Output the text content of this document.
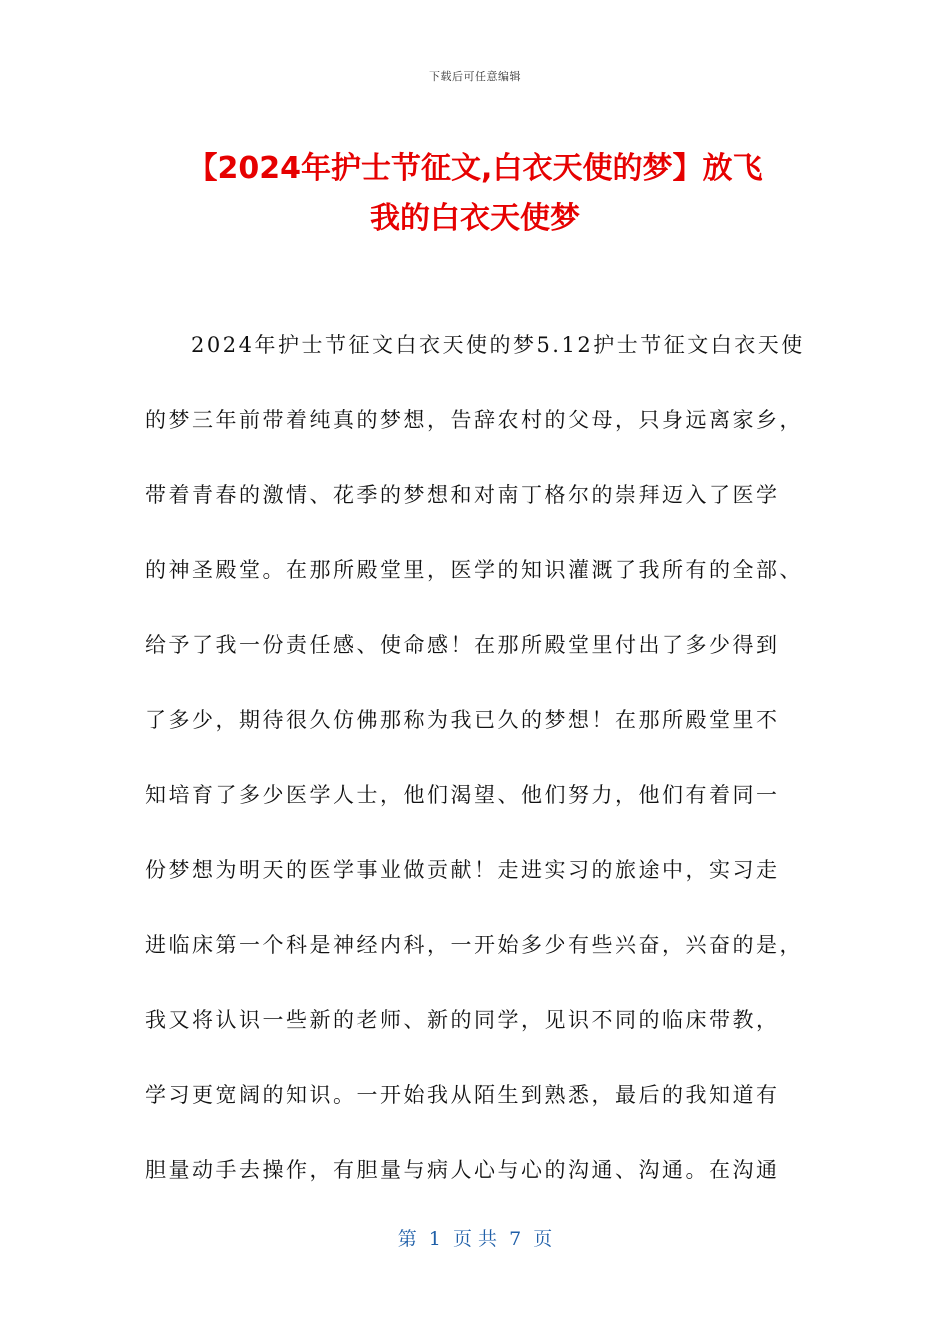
下载后可任意编辑
【2024年护士节征文,白衣天使的梦】放飞
我的白衣天使梦
2024年护士节征文白衣天使的梦5.12护士节征文白衣天使
的梦三年前带着纯真的梦想，告辞农村的父母，只身远离家乡，
带着青春的激情、花季的梦想和对南丁格尔的崇拜迈入了医学
的神圣殿堂。在那所殿堂里，医学的知识灌溉了我所有的全部、
给予了我一份责任感、使命感！在那所殿堂里付出了多少得到
了多少，期待很久仿佛那称为我已久的梦想！在那所殿堂里不
知培育了多少医学人士，他们渴望、他们努力，他们有着同一
份梦想为明天的医学事业做贡献！走进实习的旅途中，实习走
进临床第一个科是神经内科，一开始多少有些兴奋，兴奋的是，
我又将认识一些新的老师、新的同学，见识不同的临床带教，
学习更宽阔的知识。一开始我从陌生到熟悉，最后的我知道有
胆量动手去操作，有胆量与病人心与心的沟通、沟通。在沟通
第  1  页 共  7  页
